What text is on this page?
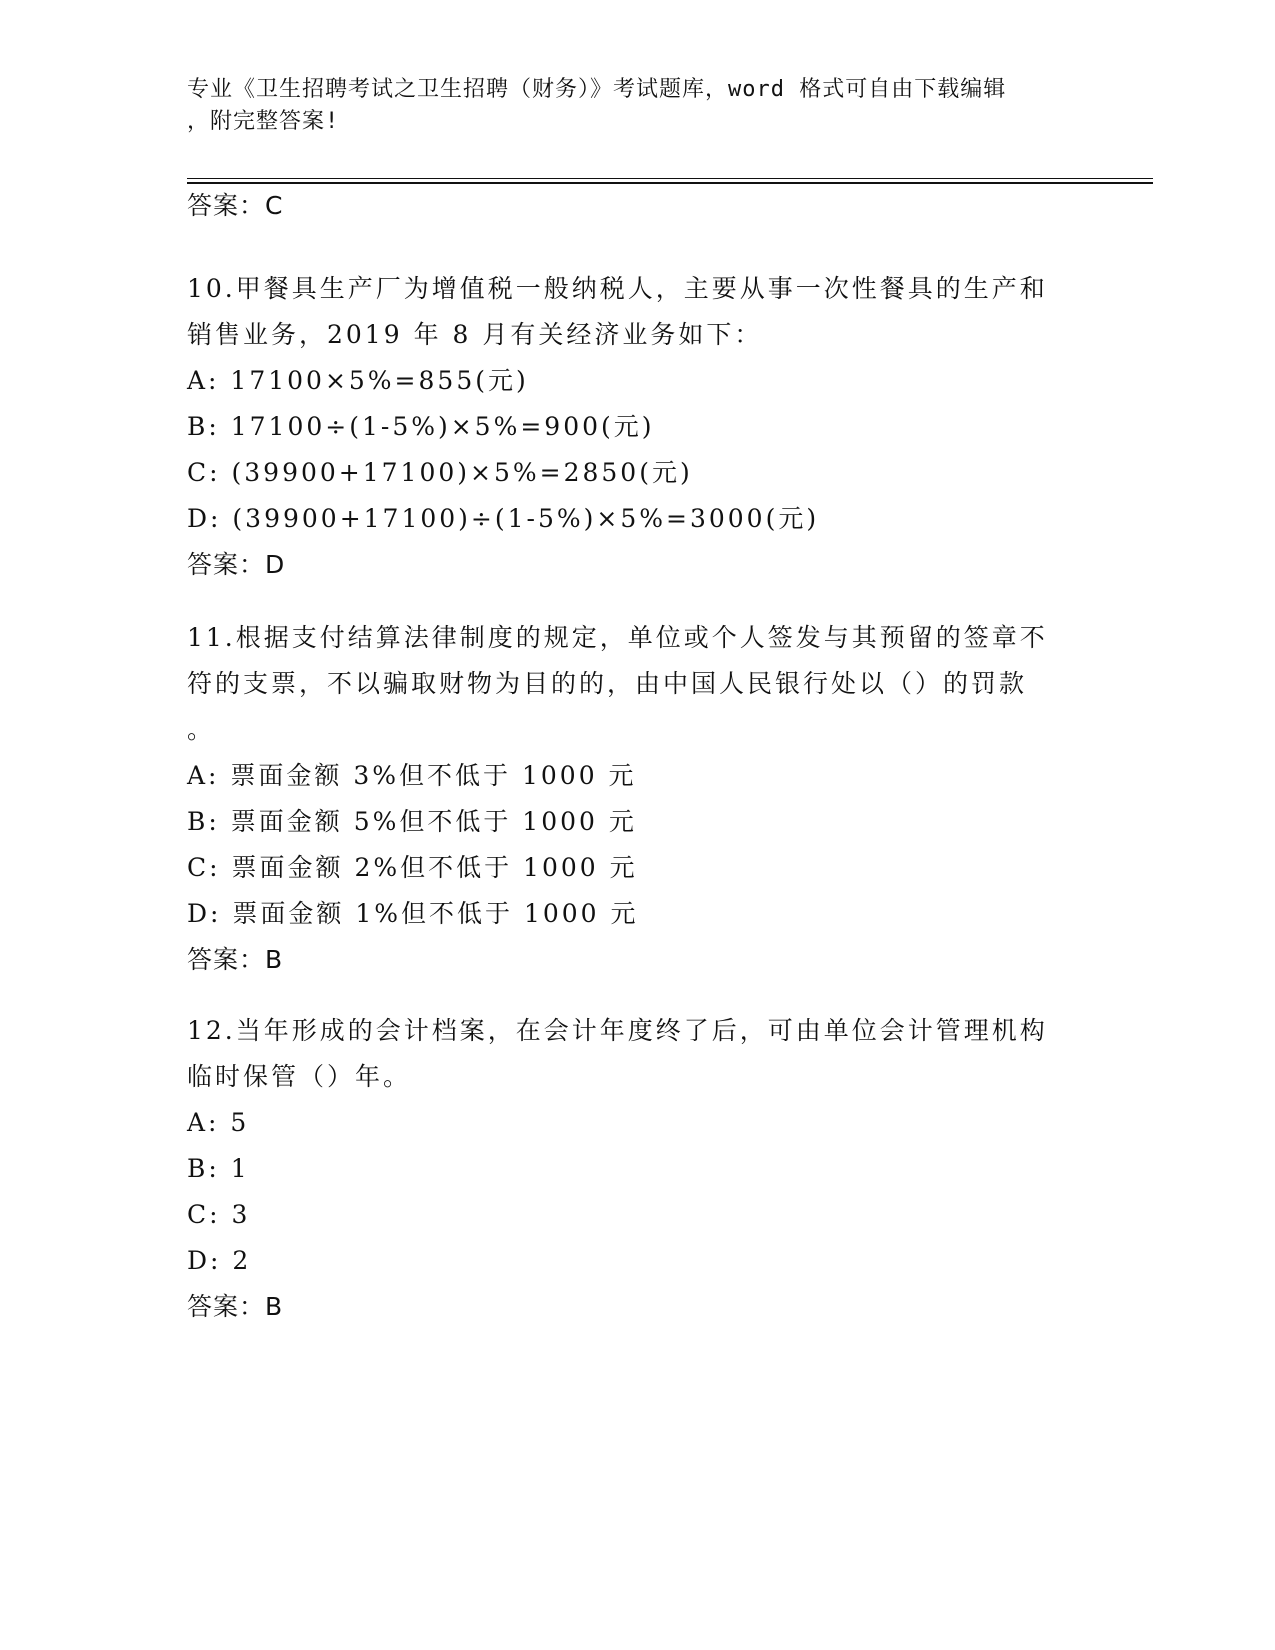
专业《卫生招聘考试之卫生招聘（财务）》考试题库，word 格式可自由下载编辑
，附完整答案!
答案：C
10.甲餐具生产厂为增值税一般纳税人，主要从事一次性餐具的生产和
销售业务，2019 年 8 月有关经济业务如下：
A: 17100×5%=855(元)
B: 17100÷(1-5%)×5%=900(元)
C: (39900+17100)×5%=2850(元)
D: (39900+17100)÷(1-5%)×5%=3000(元)
答案：D
11.根据支付结算法律制度的规定，单位或个人签发与其预留的签章不
符的支票，不以骗取财物为目的的，由中国人民银行处以（）的罚款
。
A: 票面金额 3%但不低于 1000 元
B: 票面金额 5%但不低于 1000 元
C: 票面金额 2%但不低于 1000 元
D: 票面金额 1%但不低于 1000 元
答案：B
12.当年形成的会计档案，在会计年度终了后，可由单位会计管理机构
临时保管（）年。
A: 5
B: 1
C: 3
D: 2
答案：B
